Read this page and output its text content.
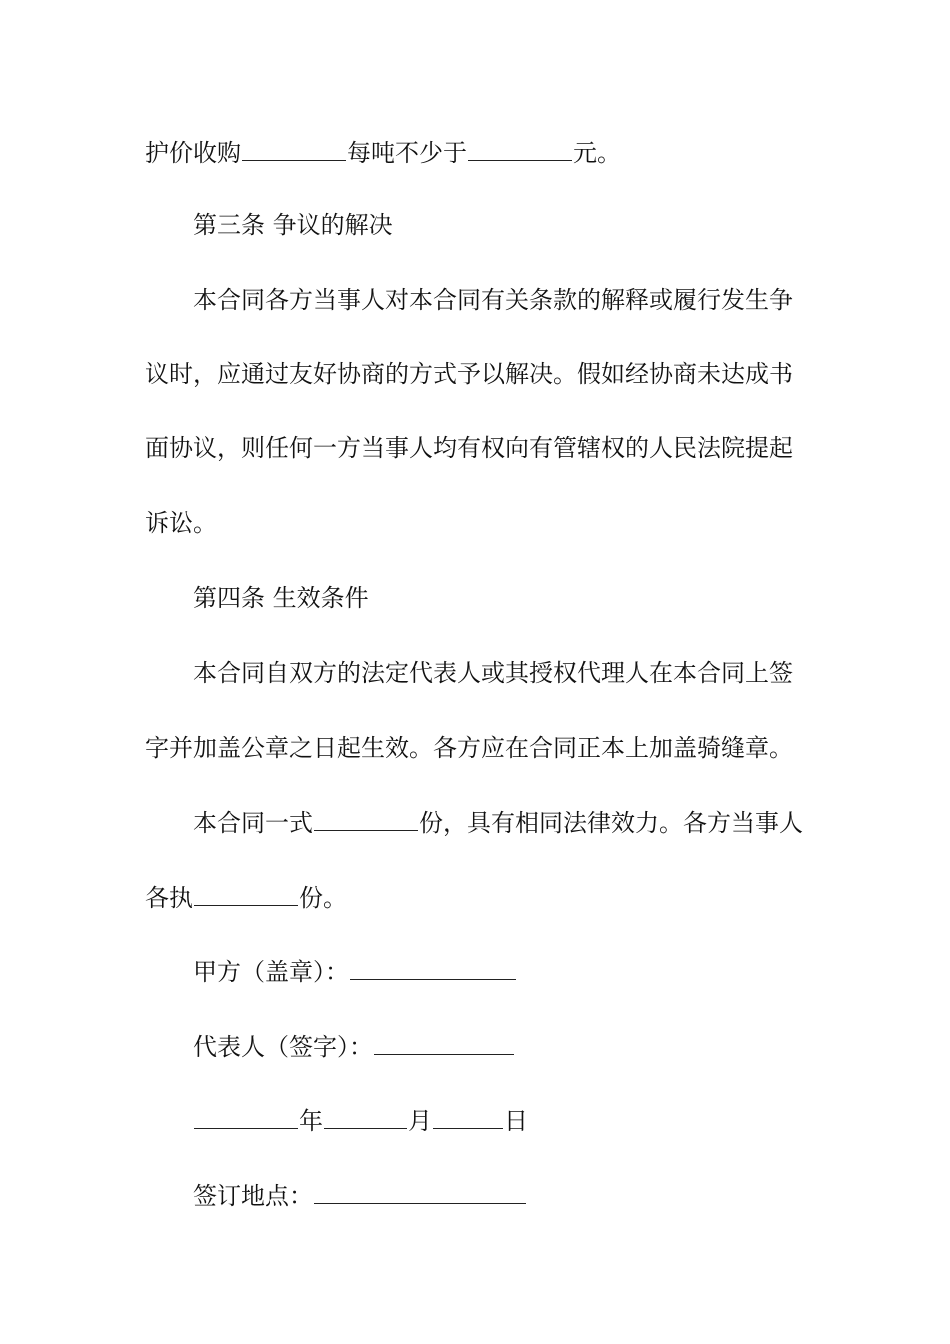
护价收购	每吨不少于	元。
第三条 争议的解决
本合同各方当事人对本合同有关条款的解释或履行发生争
议时，应通过友好协商的方式予以解决。假如经协商未达成书
面协议，则任何一方当事人均有权向有管辖权的人民法院提起
诉讼。
第四条 生效条件
本合同自双方的法定代表人或其授权代理人在本合同上签
字并加盖公章之日起生效。各方应在合同正本上加盖骑缝章。
本合同一式	份，具有相同法律效力。各方当事人
各执	份。
甲方（盖章）：
代表人（签字）：
年	月	日
签订地点：
